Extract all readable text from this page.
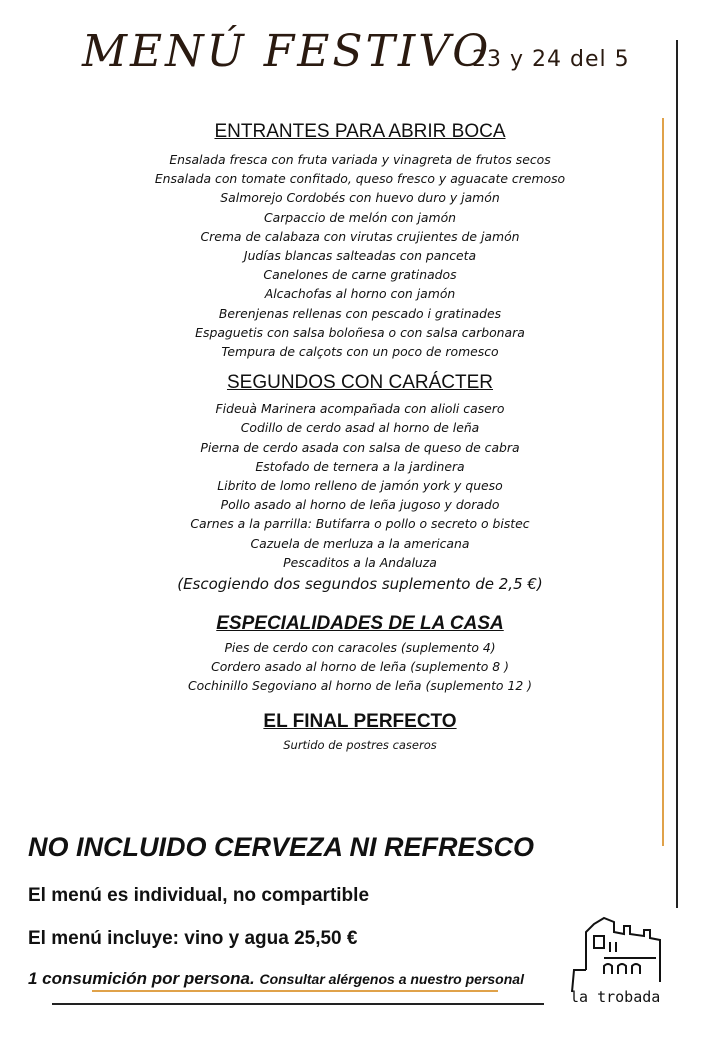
MENÚ FESTIVO
23 y 24 del 5

ENTRANTES PARA ABRIR BOCA

Ensalada fresca con fruta variada y vinagreta de frutos secos

Ensalada con tomate confitado, queso fresco y aguacate cremoso

Salmorejo Cordobés con huevo duro y jamón

Carpaccio de melón con jamón

Crema de calabaza con virutas crujientes de jamón

Judías blancas salteadas con panceta

Canelones de carne gratinados

Alcachofas al horno con jamón

Berenjenas rellenas con pescado i gratinades

Espaguetis con salsa boloñesa o con salsa carbonara

Tempura de calçots con un poco de romesco

SEGUNDOS CON CARÁCTER

Fideuà Marinera acompañada con alioli casero

Codillo de cerdo asad al horno de leña

Pierna de cerdo asada con salsa de queso de cabra

Estofado de ternera a la jardinera

Librito de lomo relleno de jamón york y queso

Pollo asado al horno de leña jugoso y dorado

Carnes a la parrilla: Butifarra o pollo o secreto o bistec

Cazuela de merluza a la americana

Pescaditos a la Andaluza

(Escogiendo dos segundos suplemento de 2,5 €)

ESPECIALIDADES DE LA CASA

Pies de cerdo con caracoles (suplemento 4)

Cordero asado al horno de leña (suplemento 8 )

Cochinillo Segoviano al horno de leña (suplemento 12 )

EL FINAL PERFECTO

Surtido de postres caseros

NO INCLUIDO CERVEZA NI REFRESCO
El menú es individual, no compartible
El menú incluye: vino y agua 25,50 €
1 consumición por persona. Consultar alérgenos a nuestro personal
la trobada
